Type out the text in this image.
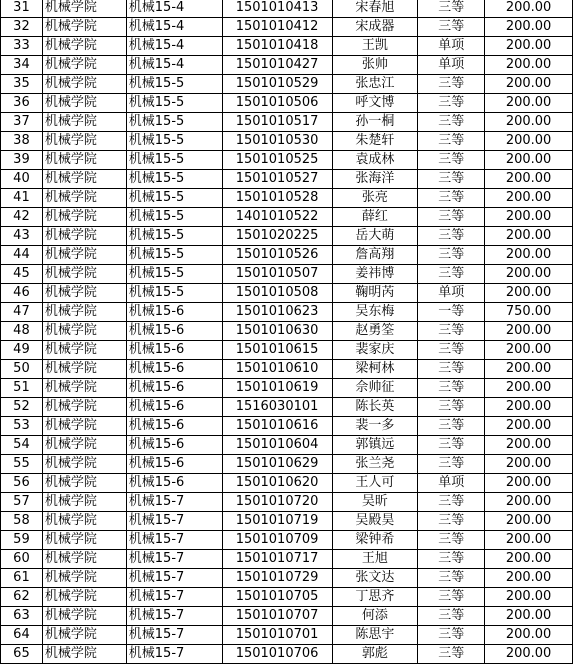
31	机械学院	机械15-4	1501010413	宋春旭	三等	200.00
32	机械学院	机械15-4	1501010412	宋成器	三等	200.00
33	机械学院	机械15-4	1501010418	王凯	单项	200.00
34	机械学院	机械15-4	1501010427	张帅	单项	200.00
35	机械学院	机械15-5	1501010529	张忠江	三等	200.00
36	机械学院	机械15-5	1501010506	呼文博	三等	200.00
37	机械学院	机械15-5	1501010517	孙一桐	三等	200.00
38	机械学院	机械15-5	1501010530	朱楚轩	三等	200.00
39	机械学院	机械15-5	1501010525	袁成林	三等	200.00
40	机械学院	机械15-5	1501010527	张海洋	三等	200.00
41	机械学院	机械15-5	1501010528	张亮	三等	200.00
42	机械学院	机械15-5	1401010522	薛红	三等	200.00
43	机械学院	机械15-5	1501020225	岳大萌	三等	200.00
44	机械学院	机械15-5	1501010526	詹高翔	三等	200.00
45	机械学院	机械15-5	1501010507	姜祎博	三等	200.00
46	机械学院	机械15-5	1501010508	鞠明芮	单项	200.00
47	机械学院	机械15-6	1501010623	吴东梅	一等	750.00
48	机械学院	机械15-6	1501010630	赵勇筌	三等	200.00
49	机械学院	机械15-6	1501010615	裴家庆	三等	200.00
50	机械学院	机械15-6	1501010610	梁柯林	三等	200.00
51	机械学院	机械15-6	1501010619	佘帅征	三等	200.00
52	机械学院	机械15-6	1516030101	陈长英	三等	200.00
53	机械学院	机械15-6	1501010616	裴一多	三等	200.00
54	机械学院	机械15-6	1501010604	郭镇远	三等	200.00
55	机械学院	机械15-6	1501010629	张兰尧	三等	200.00
56	机械学院	机械15-6	1501010620	王人可	单项	200.00
57	机械学院	机械15-7	1501010720	吴昕	三等	200.00
58	机械学院	机械15-7	1501010719	吴殿昊	三等	200.00
59	机械学院	机械15-7	1501010709	梁钟希	三等	200.00
60	机械学院	机械15-7	1501010717	王旭	三等	200.00
61	机械学院	机械15-7	1501010729	张文达	三等	200.00
62	机械学院	机械15-7	1501010705	丁思齐	三等	200.00
63	机械学院	机械15-7	1501010707	何添	三等	200.00
64	机械学院	机械15-7	1501010701	陈思宇	三等	200.00
65	机械学院	机械15-7	1501010706	郭彪	三等	200.00
